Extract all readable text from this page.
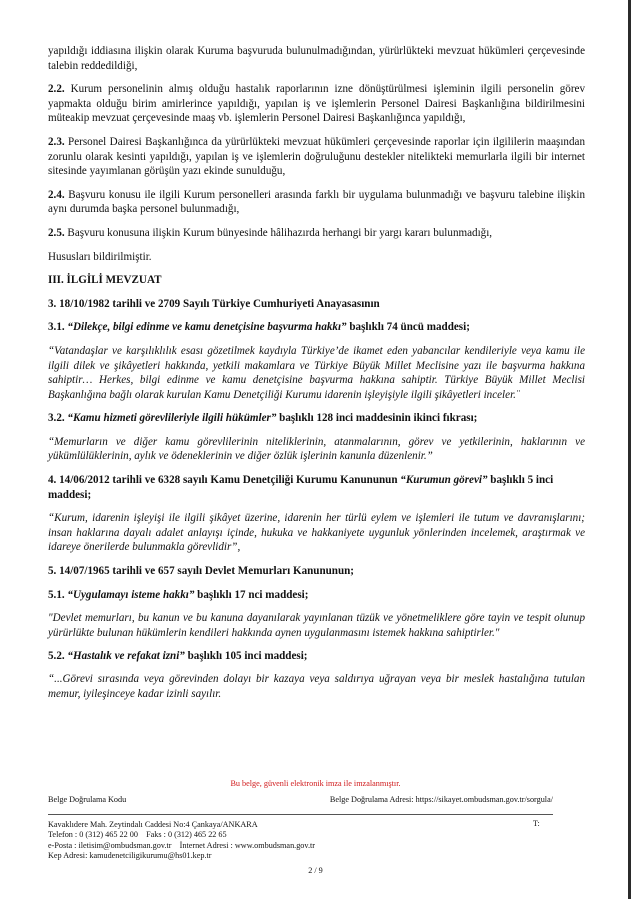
yapıldığı iddiasına ilişkin olarak Kuruma başvuruda bulunulmadığından, yürürlükteki mevzuat hükümleri çerçevesinde talebin reddedildiği,

2.2. Kurum personelinin almış olduğu hastalık raporlarının izne dönüştürülmesi işleminin ilgili personelin görev yapmakta olduğu birim amirlerince yapıldığı, yapılan iş ve işlemlerin Personel Dairesi Başkanlığına bildirilmesini müteakip mevzuat çerçevesinde maaş vb. işlemlerin Personel Dairesi Başkanlığınca yapıldığı,

2.3. Personel Dairesi Başkanlığınca da yürürlükteki mevzuat hükümleri çerçevesinde raporlar için ilgililerin maaşından zorunlu olarak kesinti yapıldığı, yapılan iş ve işlemlerin doğruluğunu destekler nitelikteki memurlarla ilgili bir internet sitesinde yayımlanan görüşün yazı ekinde sunulduğu,

2.4. Başvuru konusu ile ilgili Kurum personelleri arasında farklı bir uygulama bulunmadığı ve başvuru talebine ilişkin aynı durumda başka personel bulunmadığı,

2.5. Başvuru konusuna ilişkin Kurum bünyesinde hâlihazırda herhangi bir yargı kararı bulunmadığı,

Hususları bildirilmiştir.

III. İLGİLİ MEVZUAT

3. 18/10/1982 tarihli ve 2709 Sayılı Türkiye Cumhuriyeti Anayasasının

3.1. “Dilekçe, bilgi edinme ve kamu denetçisine başvurma hakkı” başlıklı 74 üncü maddesi;

“Vatandaşlar ve karşılıklılık esası gözetilmek kaydıyla Türkiye’de ikamet eden yabancılar kendileriyle veya kamu ile ilgili dilek ve şikâyetleri hakkında, yetkili makamlara ve Türkiye Büyük Millet Meclisine yazı ile başvurma hakkına sahiptir… Herkes, bilgi edinme ve kamu denetçisine başvurma hakkına sahiptir. Türkiye Büyük Millet Meclisi Başkanlığına bağlı olarak kurulan Kamu Denetçiliği Kurumu idarenin işleyişiyle ilgili şikâyetleri inceler.¨

3.2. “Kamu hizmeti görevlileriyle ilgili hükümler” başlıklı 128 inci maddesinin ikinci fıkrası;

“Memurların ve diğer kamu görevlilerinin niteliklerinin, atanmalarının, görev ve yetkilerinin, haklarının ve yükümlülüklerinin, aylık ve ödeneklerinin ve diğer özlük işlerinin kanunla düzenlenir.”

4. 14/06/2012 tarihli ve 6328 sayılı Kamu Denetçiliği Kurumu Kanununun “Kurumun görevi” başlıklı 5 inci maddesi;

“Kurum, idarenin işleyişi ile ilgili şikâyet üzerine, idarenin her türlü eylem ve işlemleri ile tutum ve davranışlarını; insan haklarına dayalı adalet anlayışı içinde, hukuka ve hakkaniyete uygunluk yönlerinden incelemek, araştırmak ve idareye önerilerde bulunmakla görevlidir”,

5. 14/07/1965 tarihli ve 657 sayılı Devlet Memurları Kanununun;

5.1. “Uygulamayı isteme hakkı” başlıklı 17 nci maddesi;

"Devlet memurları, bu kanun ve bu kanuna dayanılarak yayınlanan tüzük ve yönetmeliklere göre tayin ve tespit olunup yürürlükte bulunan hükümlerin kendileri hakkında aynen uygulanmasını istemek hakkına sahiptirler."

5.2. “Hastalık ve refakat izni” başlıklı 105 inci maddesi;

“...Görevi sırasında veya görevinden dolayı bir kazaya veya saldırıya uğrayan veya bir meslek hastalığına tutulan memur, iyileşinceye kadar izinli sayılır.

Bu belge, güvenli elektronik imza ile imzalanmıştır.
Belge Doğrulama Kodu	Belge Doğrulama Adresi: https://sikayet.ombudsman.gov.tr/sorgula/
T:
Kavaklıdere Mah. Zeytindalı Caddesi No:4 Çankaya/ANKARA
Telefon : 0 (312) 465 22 00    Faks : 0 (312) 465 22 65
e-Posta : iletisim@ombudsman.gov.tr    İnternet Adresi : www.ombudsman.gov.tr
Kep Adresi: kamudenetciligikurumu@hs01.kep.tr
2 / 9
